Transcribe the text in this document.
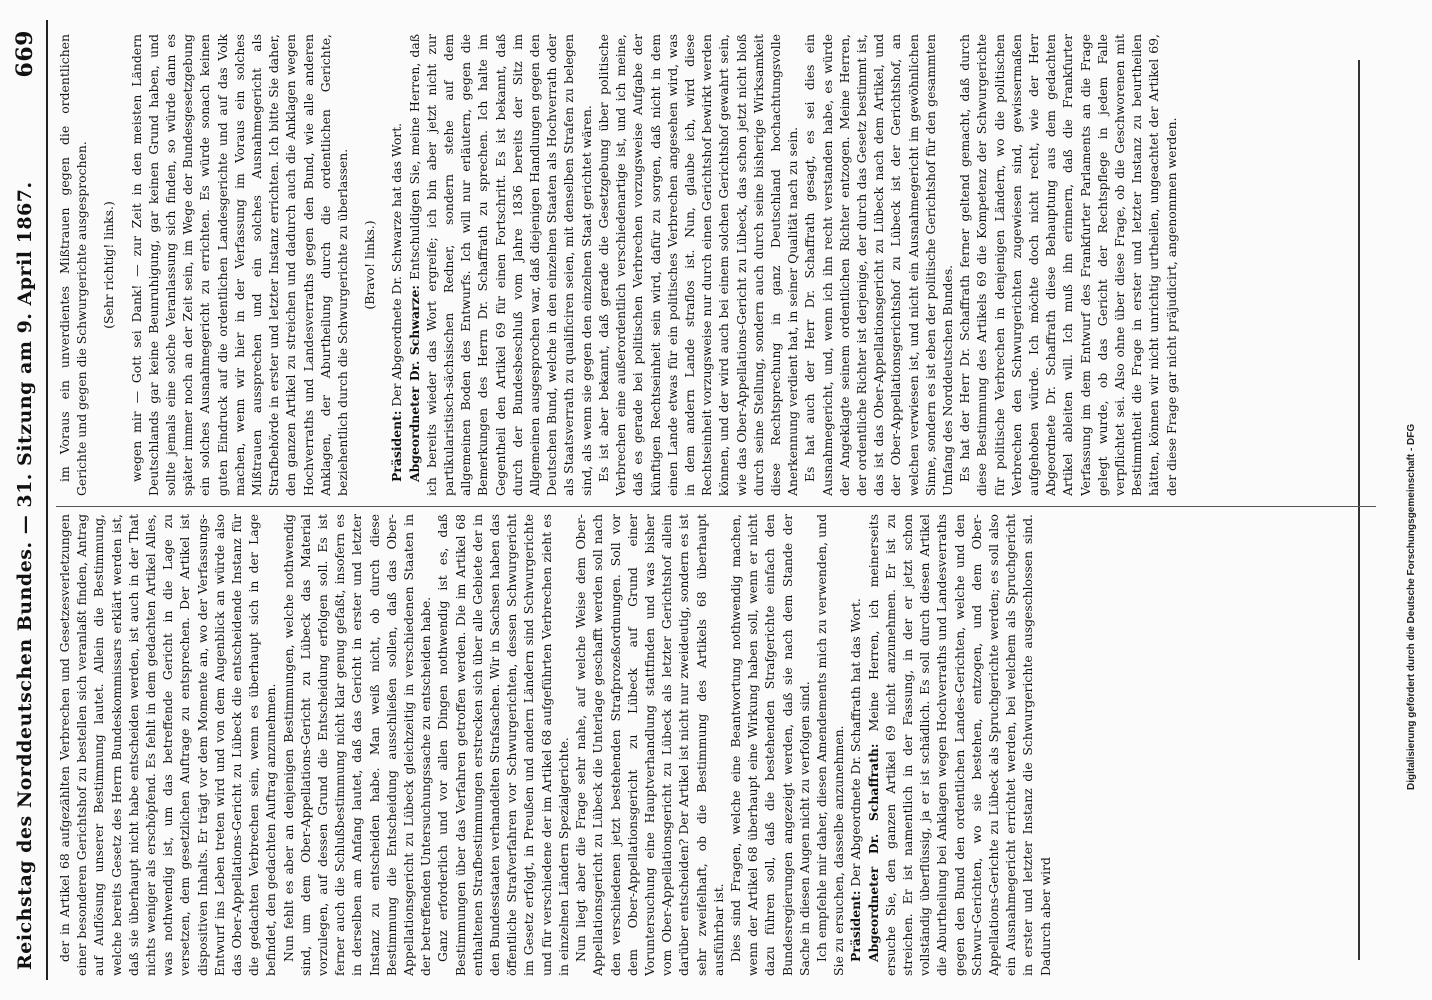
Digitalisierung gefördert durch die Deutsche Forschungsgemeinschaft - DFG
Reichstag des Norddeutschen Bundes. — 31. Sitzung am 9. April 1867.
669

der in Artikel 68 aufgezählten Verbrechen und Gesetzesverletzungen einer besonderen Gerichtshof zu bestellen sich veranlaßt finden, Antrag auf Auflösung unserer Bestimmung lautet. Allein die Bestimmung, welche bereits Gesetz des Herrn Bundeskommissars erklärt werden ist, daß sie überhaupt nicht habe entscheiden werden, ist auch in der That nichts weniger als erschöpfend. Es fehlt in dem gedachten Artikel Alles, was nothwendig ist, um das betreffende Gericht in die Lage zu versetzen, dem gesetzlichen Auftrage zu entsprechen. Der Artikel ist dispositiven Inhalts. Er trägt vor dem Momente an, wo der Verfassungs-Entwurf ins Leben treten wird und von dem Augenblick an würde also das Ober-Appellations-Gericht zu Lübeck die entscheidende Instanz für die gedachten Verbrechen sein, wenn es überhaupt sich in der Lage befindet, den gedachten Auftrag anzunehmen. Nun fehlt es aber an denjenigen Bestimmungen, welche nothwendig sind, um dem Ober-Appellations-Gericht zu Lübeck das Material vorzulegen, auf dessen Grund die Entscheidung erfolgen soll. Es ist ferner auch die Schlußbestimmung nicht klar genug gefaßt, insofern es in derselben am Anfang lautet, daß das Gericht in erster und letzter Instanz zu entscheiden habe. Man weiß nicht, ob durch diese Bestimmung die Entscheidung ausschließen sollen, daß das Ober-Appellationsgericht zu Lübeck gleichzeitig in verschiedenen Staaten in der betreffenden Untersuchungssache zu entscheiden habe. Ganz erforderlich und vor allen Dingen nothwendig ist es, daß Bestimmungen über das Verfahren getroffen werden. Die im Artikel 68 enthaltenen Strafbestimmungen erstrecken sich über alle Gebiete der in den Bundesstaaten verhandelten Strafsachen. Wir in Sachsen haben das öffentliche Strafverfahren vor Schwurgerichten, dessen Schwurgericht im Gesetz erfolgt, in Preußen und andern Ländern sind Schwurgerichte und für verschiedene der im Artikel 68 aufgeführten Verbrechen zieht es in einzelnen Ländern Spezialgerichte. Nun liegt aber die Frage sehr nahe, auf welche Weise dem Ober-Appellationsgericht zu Lübeck die Unterlage geschafft werden soll nach den verschiedenen jetzt bestehenden Strafprozeßordnungen. Soll vor dem Ober-Appellationsgericht zu Lübeck auf Grund einer Voruntersuchung eine Hauptverhandlung stattfinden und was bisher vom Ober-Appellationsgericht zu Lübeck als letzter Gerichtshof allein darüber entscheiden? Der Artikel ist nicht nur zweideutig, sondern es ist sehr zweifelhaft, ob die Bestimmung des Artikels 68 überhaupt ausführbar ist. Dies sind Fragen, welche eine Beantwortung nothwendig machen, wenn der Artikel 68 überhaupt eine Wirkung haben soll, wenn er nicht dazu führen soll, daß die bestehenden Strafgerichte einfach den Bundesregierungen angezeigt werden, daß sie nach dem Stande der Sache in diesen Augen nicht zu verfolgen sind. Ich empfehle mir daher, diesen Amendements mich zu verwenden, und Sie zu ersuchen, dasselbe anzunehmen. Präsident: Der Abgeordnete Dr. Schaffrath hat das Wort. Abgeordneter Dr. Schaffrath: Meine Herren, ich meinerseits ersuche Sie, den ganzen Artikel 69 nicht anzunehmen. Er ist zu streichen. Er ist namentlich in der Fassung, in der er jetzt schon vollständig überflüssig, ja er ist schädlich. Es soll durch diesen Artikel die Aburtheilung bei Anklagen wegen Hochverraths und Landesverraths gegen den Bund den ordentlichen Landes-Gerichten, welche und den Schwur-Gerichten, wo sie bestehen, entzogen, und dem Ober-Appellations-Gerichte zu Lübeck als Spruchgerichte werden; es soll also ein Ausnahmegericht errichtet werden, bei welchem als Spruchgericht in erster und letzter Instanz die Schwurgerichte ausgeschlossen sind. Dadurch aber wird

im Voraus ein unverdientes Mißtrauen gegen die ordentlichen Gerichte und gegen die Schwurgerichte ausgesprochen. (Sehr richtig! links.) wegen mir — Gott sei Dank! — zur Zeit in den meisten Ländern Deutschlands gar keine Beunruhigung, gar keinen Grund haben, und sollte jemals eine solche Veranlassung sich finden, so würde dann es später immer noch an der Zeit sein, im Wege der Bundesgesetzgebung ein solches Ausnahmegericht zu errichten. Es würde sonach keinen guten Eindruck auf die ordentlichen Landesgerichte und auf das Volk machen, wenn wir hier in der Verfassung im Voraus ein solches Mißtrauen aussprechen und ein solches Ausnahmegericht als Strafbehörde in erster und letzter Instanz errichten. Ich bitte Sie daher, den ganzen Artikel zu streichen und dadurch auch die Anklagen wegen Hochverraths und Landesverraths gegen den Bund, wie alle anderen Anklagen, der Aburtheilung durch die ordentlichen Gerichte, beziehentlich durch die Schwurgerichte zu überlassen. (Bravo! links.)

Präsident: Der Abgeordnete Dr. Schwarze hat das Wort. Abgeordneter Dr. Schwarze: Entschuldigen Sie, meine Herren, daß ich bereits wieder das Wort ergreife; ich bin aber jetzt nicht zur partikularistisch-sächsischen Redner, sondern stehe auf dem allgemeinen Boden des Entwurfs. Ich will nur erläutern, gegen die Bemerkungen des Herrn Dr. Schaffrath zu sprechen. Ich halte im Gegentheil den Artikel 69 für einen Fortschritt. Es ist bekannt, daß durch der Bundesbeschluß vom Jahre 1836 bereits der Sitz im Allgemeinen ausgesprochen war, daß diejenigen Handlungen gegen den Deutschen Bund, welche in den einzelnen Staaten als Hochverrath oder als Staatsverrath zu qualificiren seien, mit denselben Strafen zu belegen sind, als wenn sie gegen den einzelnen Staat gerichtet wären. Es ist aber bekannt, daß gerade die Gesetzgebung über politische Verbrechen eine außerordentlich verschiedenartige ist, und ich meine, daß es gerade bei politischen Verbrechen vorzugsweise Aufgabe der künftigen Rechtseinheit sein wird, dafür zu sorgen, daß nicht in dem einen Lande etwas für ein politisches Verbrechen angesehen wird, was in dem andern Lande straflos ist. Nun, glaube ich, wird diese Rechtseinheit vorzugsweise nur durch einen Gerichtshof bewirkt werden können, und der wird auch bei einem solchen Gerichtshof gewahrt sein, wie das Ober-Appellations-Gericht zu Lübeck, das schon jetzt nicht bloß durch seine Stellung, sondern auch durch seine bisherige Wirksamkeit diese Rechtsprechung in ganz Deutschland hochachtungsvolle Anerkennung verdient hat, in seiner Qualität nach zu sein. Es hat auch der Herr Dr. Schaffrath gesagt, es sei dies ein Ausnahmegericht, und, wenn ich ihn recht verstanden habe, es würde der Angeklagte seinem ordentlichen Richter entzogen. Meine Herren, der ordentliche Richter ist derjenige, der durch das Gesetz bestimmt ist, das ist das Ober-Appellationsgericht zu Lübeck nach dem Artikel, und der Ober-Appellationsgerichtshof zu Lübeck ist der Gerichtshof, an welchen verwiesen ist, und nicht ein Ausnahmegericht im gewöhnlichen Sinne, sondern es ist eben der politische Gerichtshof für den gesammten Umfang des Norddeutschen Bundes. Es hat der Herr Dr. Schaffrath ferner geltend gemacht, daß durch diese Bestimmung des Artikels 69 die Kompetenz der Schwurgerichte für politische Verbrechen in denjenigen Ländern, wo die politischen Verbrechen den Schwurgerichten zugewiesen sind, gewissermaßen aufgehoben würde. Ich möchte doch nicht recht, wie der Herr Abgeordnete Dr. Schaffrath diese Behauptung aus dem gedachten Artikel ableiten will. Ich muß ihn erinnern, daß die Frankfurter Verfassung im dem Entwurf des Frankfurter Parlaments an die Frage gelegt wurde, ob das Gericht der Rechtspflege in jedem Falle verpflichtet sei. Also ohne über diese Frage, ob die Geschworenen mit Bestimmtheit die Frage in erster und letzter Instanz zu beurtheilen hätten, können wir nicht unrichtig urtheilen, ungeachtet der Artikel 69, der diese Frage gar nicht präjudicirt, angenommen werden.
